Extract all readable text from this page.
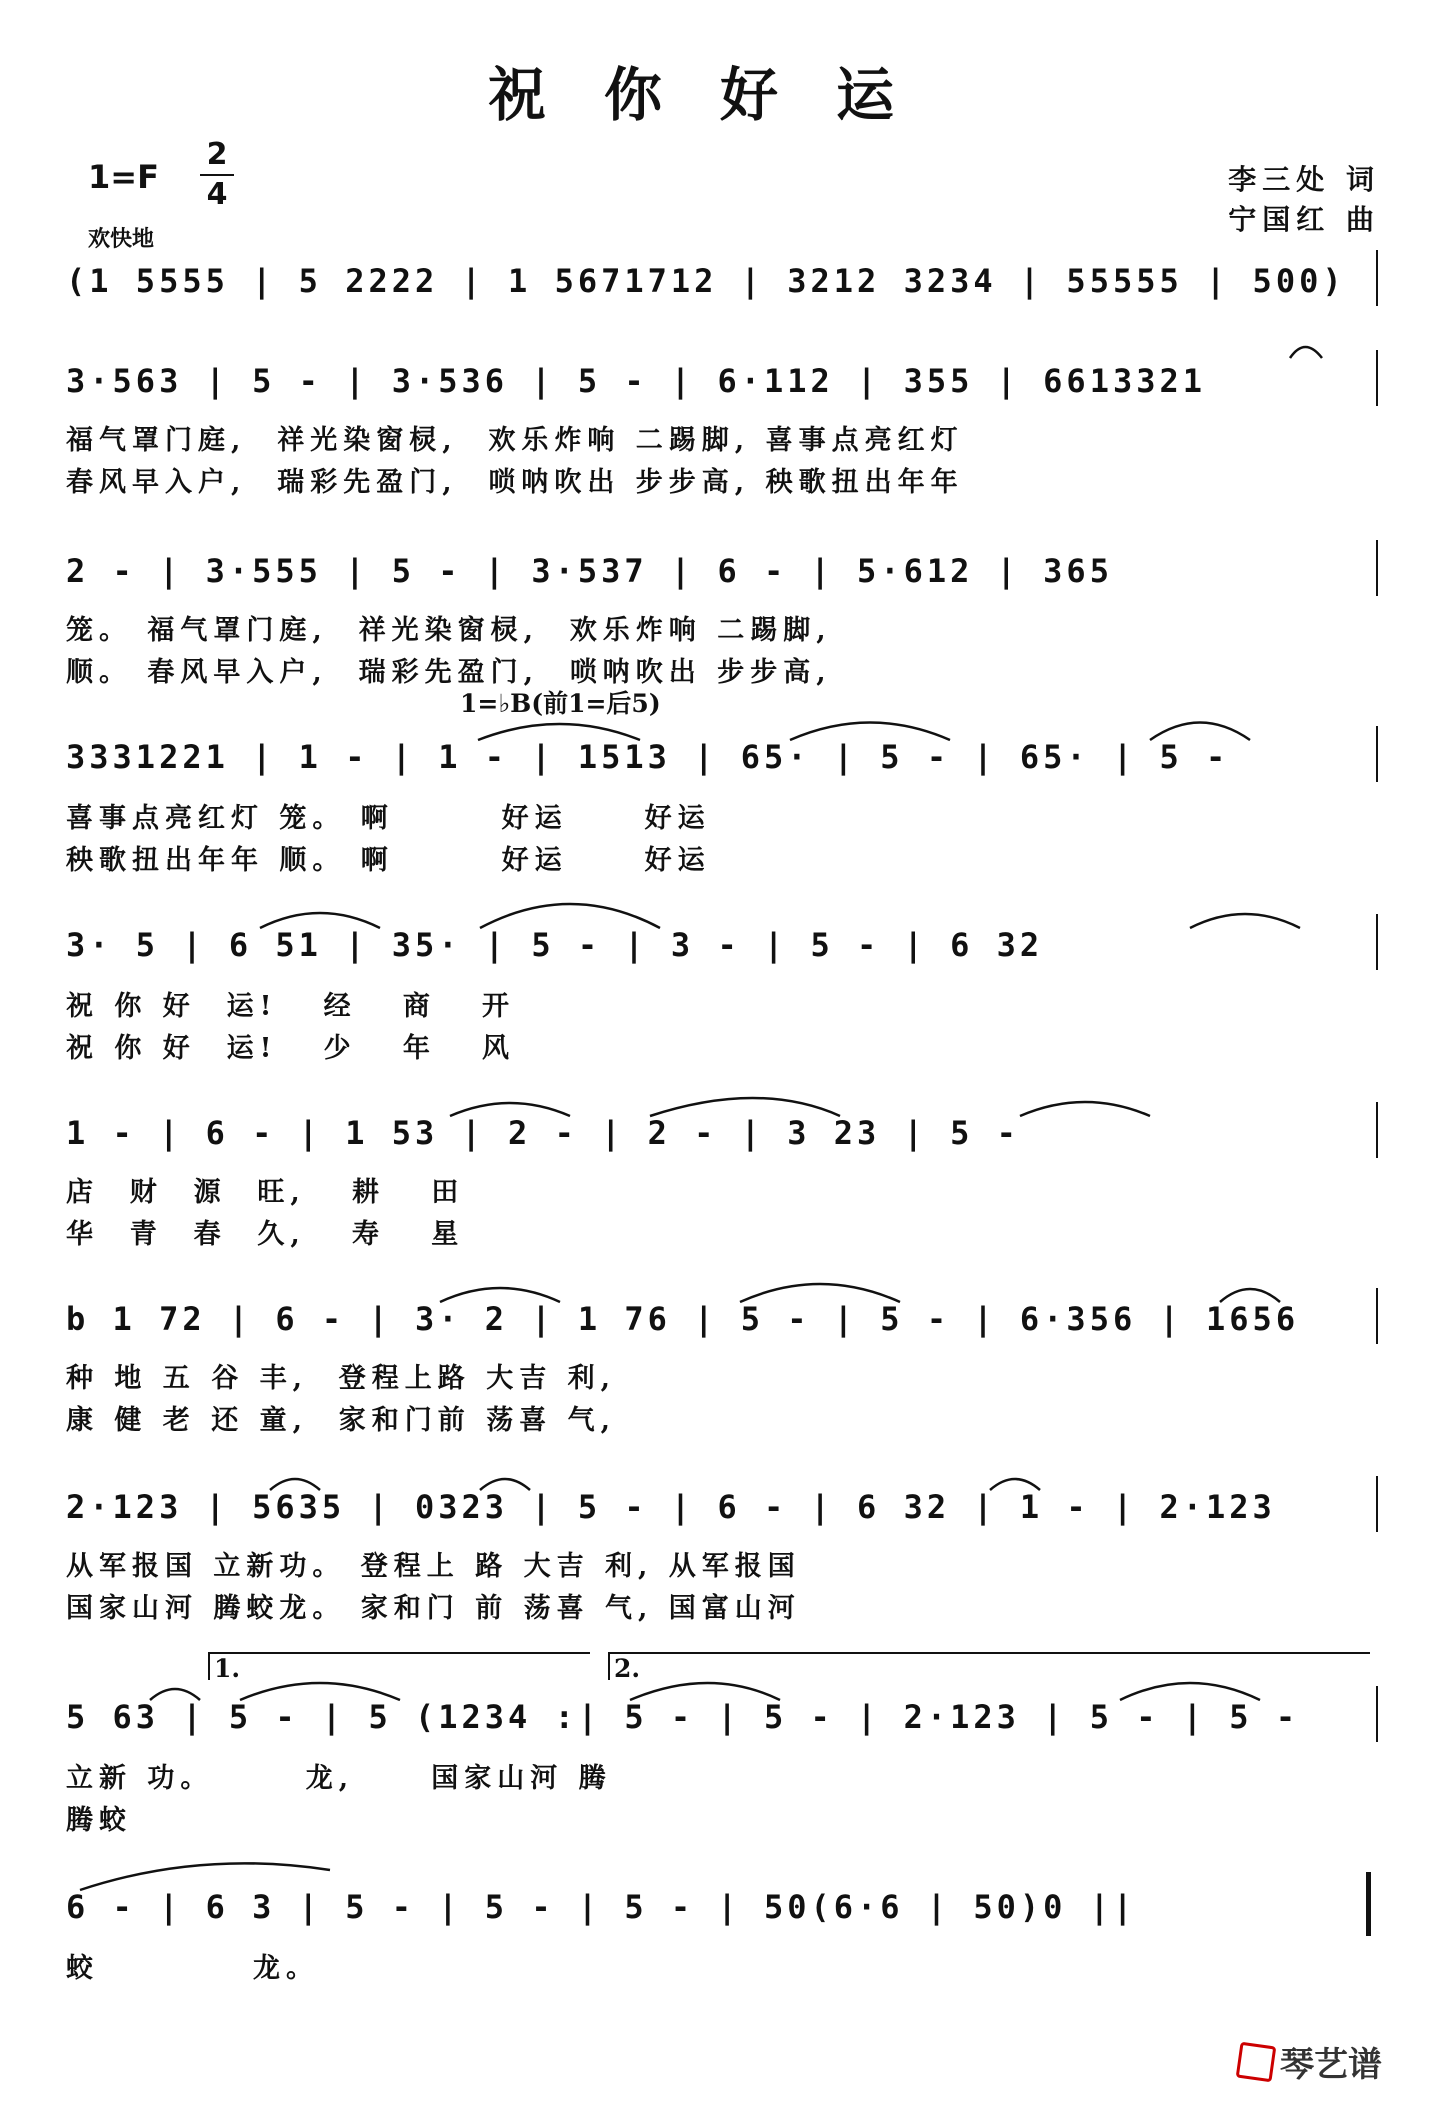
祝你好运
1=F
2
4
欢快地
李三处 词
宁国红 曲
(1 5555 | 5 2222 | 1 5671712 | 3212 3234 | 55555 | 500)
3·563 | 5 - | 3·536 | 5 - | 6·112 | 355 | 6613321
福气罩门庭,  祥光染窗棂,  欢乐炸响 二踢脚, 喜事点亮红灯
春风早入户,  瑞彩先盈门,  唢呐吹出 步步高, 秧歌扭出年年
2 - | 3·555 | 5 - | 3·537 | 6 - | 5·612 | 365
笼。 福气罩门庭,  祥光染窗棂,  欢乐炸响 二踢脚,
顺。 春风早入户,  瑞彩先盈门,  唢呐吹出 步步高,
1=♭B(前1=后5)
3331221 | 1 - | 1 - | 1513 | 65· | 5 - | 65· | 5 -
喜事点亮红灯 笼。 啊       好运     好运
秧歌扭出年年 顺。 啊       好运     好运
3· 5 | 6 51 | 35· | 5 - | 3 - | 5 - | 6 32
祝 你 好  运!   经   商   开
祝 你 好  运!   少   年   风
1 - | 6 - | 1 53 | 2 - | 2 - | 3 23 | 5 -
店  财  源  旺,   耕   田
华  青  春  久,   寿   星
b 1 72 | 6 - | 3· 2 | 1 76 | 5 - | 5 - | 6·356 | 1656
种 地 五 谷 丰,  登程上路 大吉 利,
康 健 老 还 童,  家和门前 荡喜 气,
2·123 | 5635 | 0323 | 5 - | 6 - | 6 32 | 1 - | 2·123
从军报国 立新功。 登程上 路 大吉 利, 从军报国
国家山河 腾蛟龙。 家和门 前 荡喜 气, 国富山河
1.	2.
5 63 | 5 - | 5 (1234 :| 5 - | 5 - | 2·123 | 5 - | 5 -
立新 功。      龙,     国家山河 腾
腾蛟
6 - | 6 3 | 5 - | 5 - | 5 - | 50(6·6 | 50)0 ||
蛟          龙。
琴艺谱
